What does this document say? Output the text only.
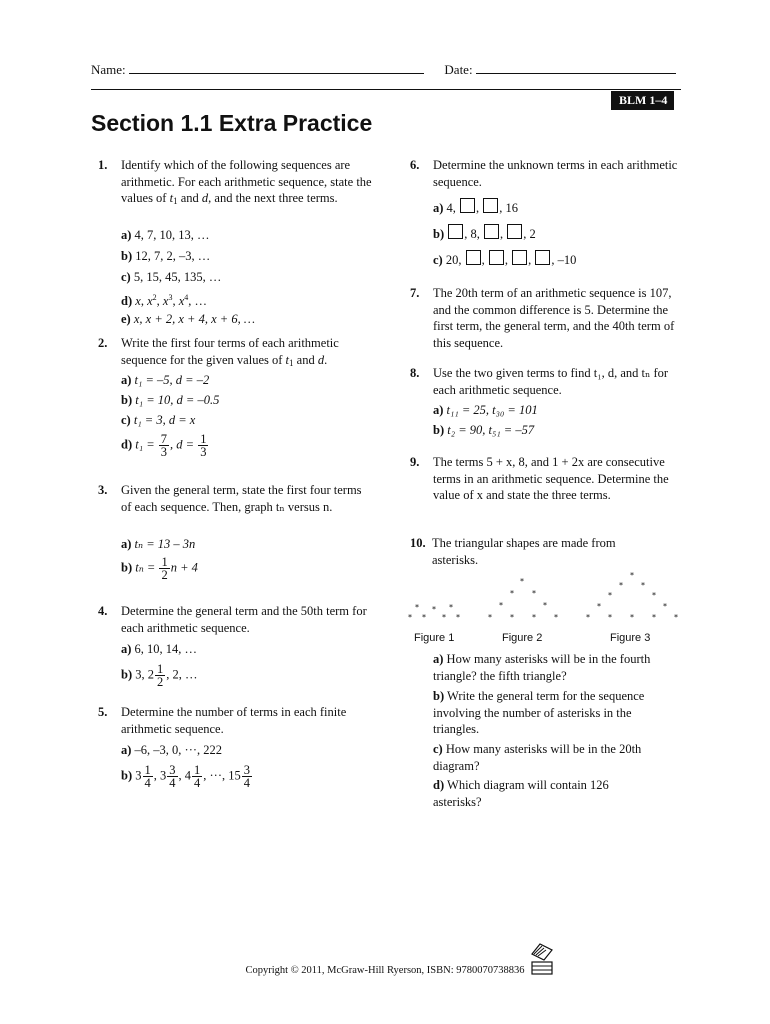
Name:	Date:
BLM 1–4
Section 1.1 Extra Practice
1. Identify which of the following sequences are arithmetic. For each arithmetic sequence, state the values of $t_1$ and d, and the next three terms.
a) 4, 7, 10, 13, …
b) 12, 7, 2, –3, …
c) 5, 15, 45, 135, …
d) x, $x^2$, $x^3$, $x^4$, …
e) x, x + 2, x + 4, x + 6, …
2. Write the first four terms of each arithmetic sequence for the given values of $t_1$ and d.
a) t₁ = –5, d = –2
b) t₁ = 10, d = –0.5
c) t₁ = 3, d = x
d) $t_1 = \frac{7}{3}$ , $d = \frac{1}{3}$
3. Given the general term, state the first four terms of each sequence. Then, graph tₙ versus n.
a) tₙ = 13 – 3n
b) $t_n = \frac{1}{2}$ n + 4
4. Determine the general term and the 50th term for each arithmetic sequence.
a) 6, 10, 14, …
b) 3, $2 \frac{1}{2}$ , 2, …
5. Determine the number of terms in each finite arithmetic sequence.
a) –6, –3, 0, ···, 222
b) $3 \frac{1}{4}$ , $3 \frac{3}{4}$ , $4 \frac{1}{4}$ , ···, $15 \frac{3}{4}$
6. Determine the unknown terms in each arithmetic sequence.
a) 4, , , 16
b) , 8, , , 2
c) 20, , , , , –10
7. The 20th term of an arithmetic sequence is 107, and the common difference is 5. Determine the first term, the general term, and the 40th term of this sequence.
8. Use the two given terms to find t₁, d, and tₙ for each arithmetic sequence.
a) t₁₁ = 25, t₃₀ = 101
b) t₂ = 90, t₅₁ = –57
9. The terms 5 + x, 8, and 1 + 2x are consecutive terms in an arithmetic sequence. Determine the value of x and state the three terms.
10. The triangular shapes are made from asterisks.
*
* *
*	*
*	*
*
* *
*	*
* * * *
*
* *
*	*
*	*
* * * * *
Figure 1	Figure 2	Figure 3
a) How many asterisks will be in the fourth triangle? the fifth triangle?
b) Write the general term for the sequence involving the number of asterisks in the triangles.
c) How many asterisks will be in the 20th diagram?
d) Which diagram will contain 126 asterisks?
Copyright © 2011, McGraw-Hill Ryerson, ISBN: 9780070738836
